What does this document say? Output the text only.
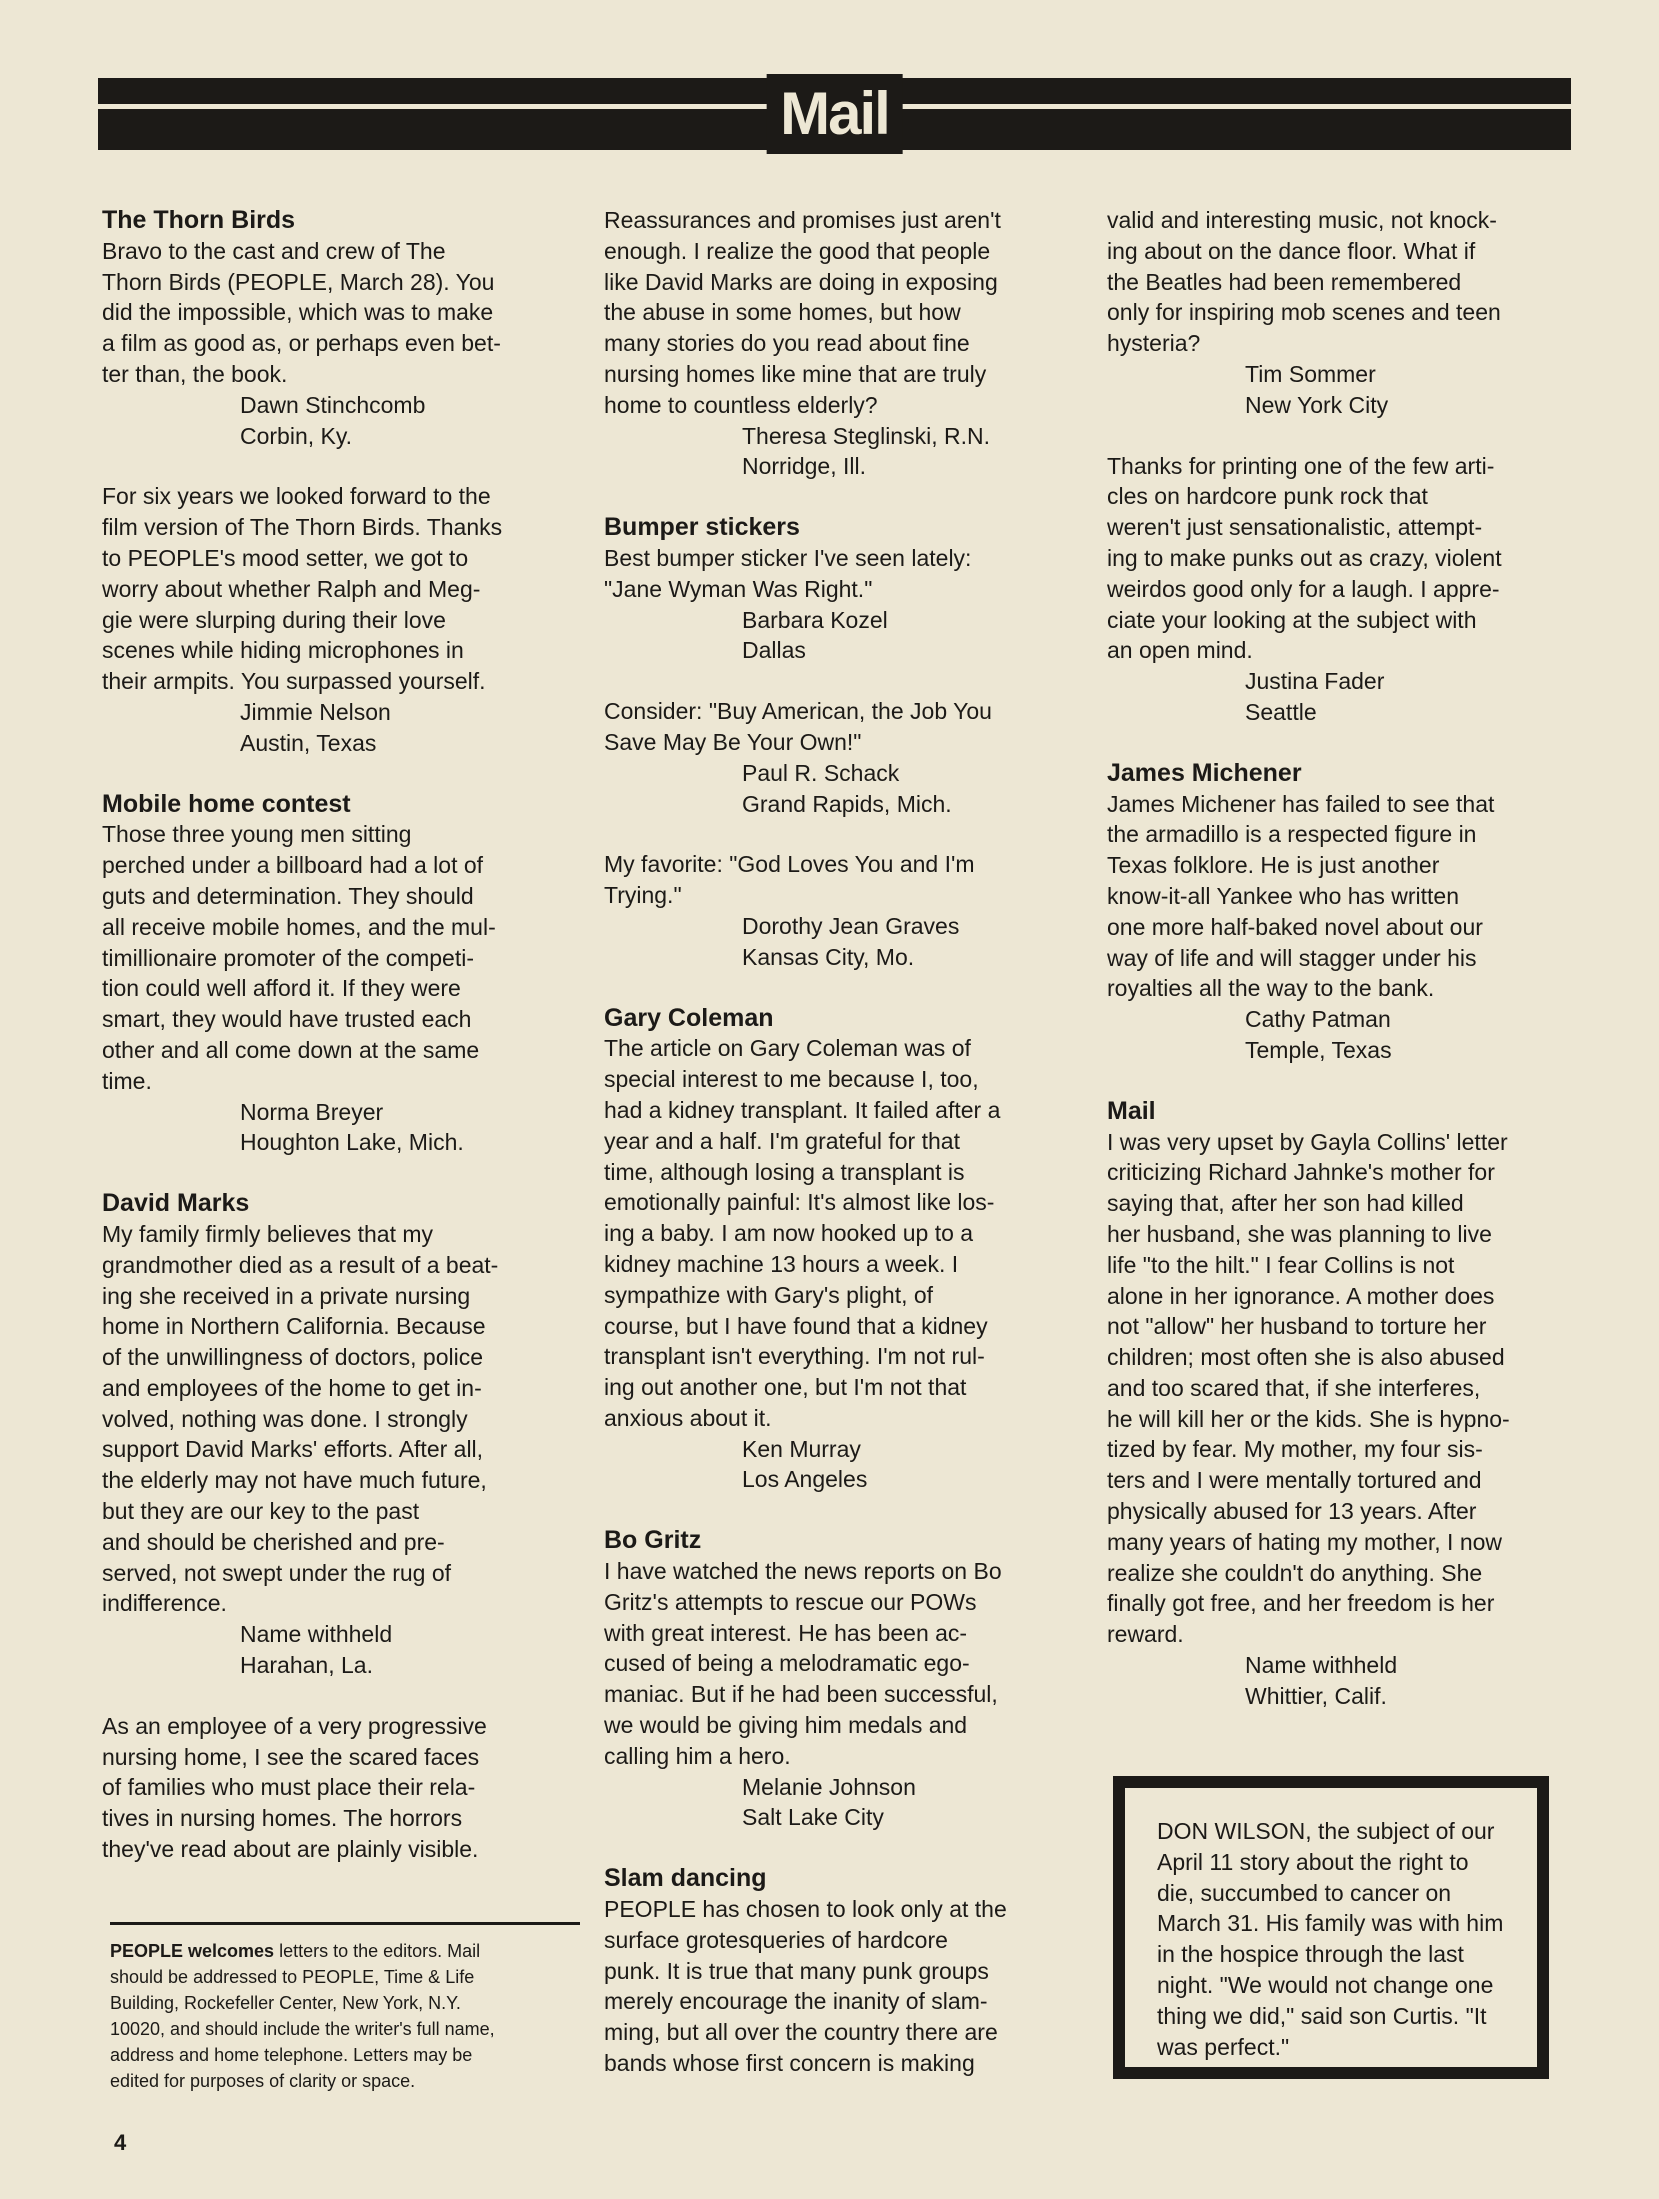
Mail

The Thorn Birds

Bravo to the cast and crew of The

Thorn Birds (PEOPLE, March 28). You

did the impossible, which was to make

a film as good as, or perhaps even bet-

ter than, the book.

Dawn Stinchcomb

Corbin, Ky.

For six years we looked forward to the

film version of The Thorn Birds. Thanks

to PEOPLE's mood setter, we got to

worry about whether Ralph and Meg-

gie were slurping during their love

scenes while hiding microphones in

their armpits. You surpassed yourself.

Jimmie Nelson

Austin, Texas

Mobile home contest

Those three young men sitting

perched under a billboard had a lot of

guts and determination. They should

all receive mobile homes, and the mul-

timillionaire promoter of the competi-

tion could well afford it. If they were

smart, they would have trusted each

other and all come down at the same

time.

Norma Breyer

Houghton Lake, Mich.

David Marks

My family firmly believes that my

grandmother died as a result of a beat-

ing she received in a private nursing

home in Northern California. Because

of the unwillingness of doctors, police

and employees of the home to get in-

volved, nothing was done. I strongly

support David Marks' efforts. After all,

the elderly may not have much future,

but they are our key to the past

and should be cherished and pre-

served, not swept under the rug of

indifference.

Name withheld

Harahan, La.

As an employee of a very progressive

nursing home, I see the scared faces

of families who must place their rela-

tives in nursing homes. The horrors

they've read about are plainly visible.

PEOPLE welcomes letters to the editors. Mail
should be addressed to PEOPLE, Time & Life
Building, Rockefeller Center, New York, N.Y.
10020, and should include the writer's full name,
address and home telephone. Letters may be
edited for purposes of clarity or space.

Reassurances and promises just aren't

enough. I realize the good that people

like David Marks are doing in exposing

the abuse in some homes, but how

many stories do you read about fine

nursing homes like mine that are truly

home to countless elderly?

Theresa Steglinski, R.N.

Norridge, Ill.

Bumper stickers

Best bumper sticker I've seen lately:

"Jane Wyman Was Right."

Barbara Kozel

Dallas

Consider: "Buy American, the Job You

Save May Be Your Own!"

Paul R. Schack

Grand Rapids, Mich.

My favorite: "God Loves You and I'm

Trying."

Dorothy Jean Graves

Kansas City, Mo.

Gary Coleman

The article on Gary Coleman was of

special interest to me because I, too,

had a kidney transplant. It failed after a

year and a half. I'm grateful for that

time, although losing a transplant is

emotionally painful: It's almost like los-

ing a baby. I am now hooked up to a

kidney machine 13 hours a week. I

sympathize with Gary's plight, of

course, but I have found that a kidney

transplant isn't everything. I'm not rul-

ing out another one, but I'm not that

anxious about it.

Ken Murray

Los Angeles

Bo Gritz

I have watched the news reports on Bo

Gritz's attempts to rescue our POWs

with great interest. He has been ac-

cused of being a melodramatic ego-

maniac. But if he had been successful,

we would be giving him medals and

calling him a hero.

Melanie Johnson

Salt Lake City

Slam dancing

PEOPLE has chosen to look only at the

surface grotesqueries of hardcore

punk. It is true that many punk groups

merely encourage the inanity of slam-

ming, but all over the country there are

bands whose first concern is making

valid and interesting music, not knock-

ing about on the dance floor. What if

the Beatles had been remembered

only for inspiring mob scenes and teen

hysteria?

Tim Sommer

New York City

Thanks for printing one of the few arti-

cles on hardcore punk rock that

weren't just sensationalistic, attempt-

ing to make punks out as crazy, violent

weirdos good only for a laugh. I appre-

ciate your looking at the subject with

an open mind.

Justina Fader

Seattle

James Michener

James Michener has failed to see that

the armadillo is a respected figure in

Texas folklore. He is just another

know-it-all Yankee who has written

one more half-baked novel about our

way of life and will stagger under his

royalties all the way to the bank.

Cathy Patman

Temple, Texas

Mail

I was very upset by Gayla Collins' letter

criticizing Richard Jahnke's mother for

saying that, after her son had killed

her husband, she was planning to live

life "to the hilt." I fear Collins is not

alone in her ignorance. A mother does

not "allow" her husband to torture her

children; most often she is also abused

and too scared that, if she interferes,

he will kill her or the kids. She is hypno-

tized by fear. My mother, my four sis-

ters and I were mentally tortured and

physically abused for 13 years. After

many years of hating my mother, I now

realize she couldn't do anything. She

finally got free, and her freedom is her

reward.

Name withheld

Whittier, Calif.

DON WILSON, the subject of our
April 11 story about the right to
die, succumbed to cancer on
March 31. His family was with him
in the hospice through the last
night. "We would not change one
thing we did," said son Curtis. "It
was perfect."
4
